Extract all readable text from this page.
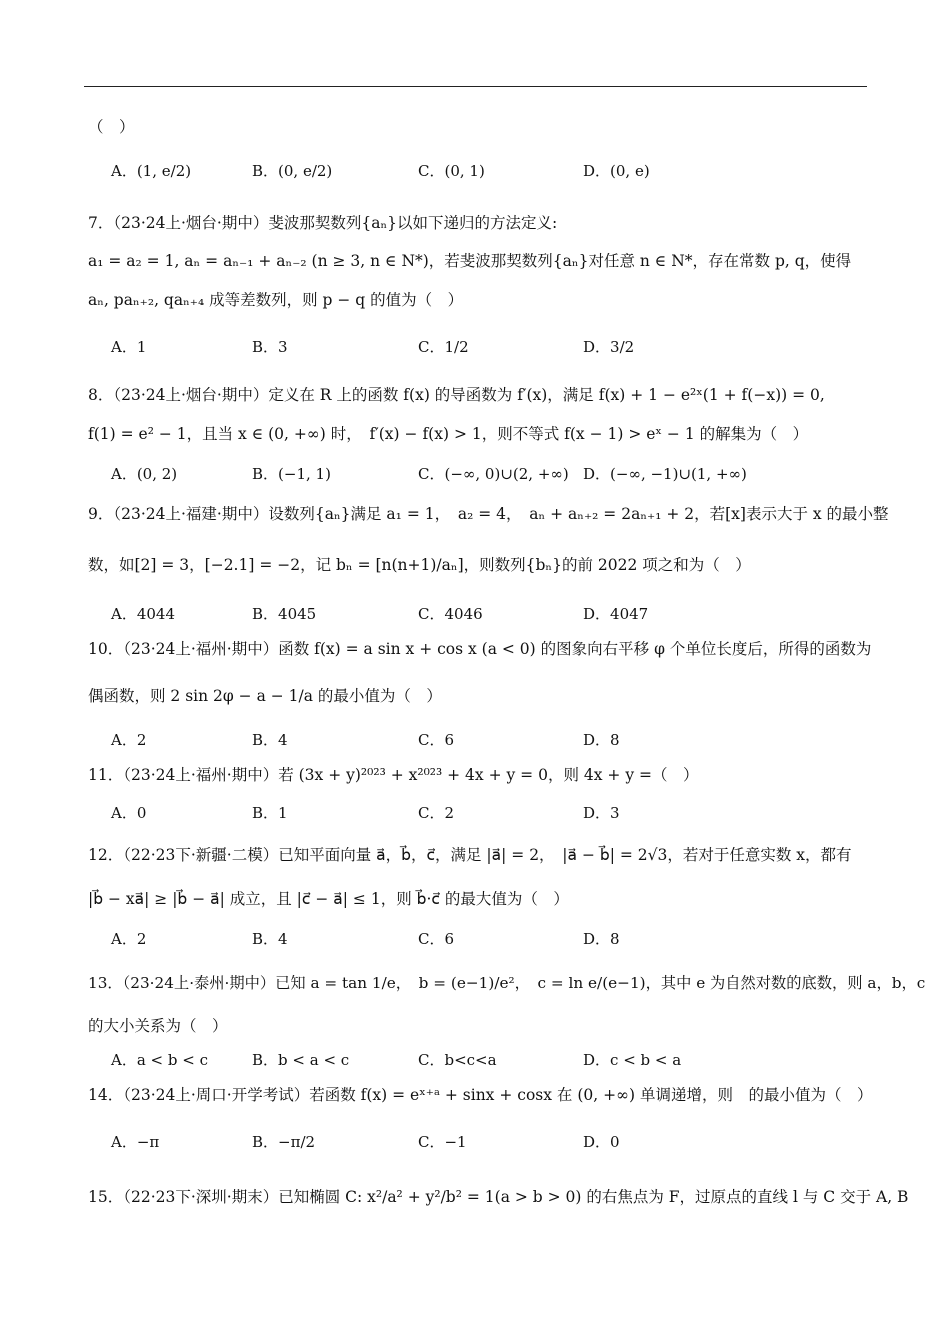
（　）
A．(1, e/2)	B．(0, e/2)	C．(0, 1)	D．(0, e)
7．（23·24上·烟台·期中）斐波那契数列{aₙ}以如下递归的方法定义:
a₁ = a₂ = 1, aₙ = aₙ₋₁ + aₙ₋₂ (n ≥ 3, n ∈ N*)，若斐波那契数列{aₙ}对任意 n ∈ N*，存在常数 p, q，使得
aₙ, paₙ₊₂, qaₙ₊₄ 成等差数列，则 p − q 的值为（　）
A．1	B．3	C．1/2	D．3/2
8．（23·24上·烟台·期中）定义在 R 上的函数 f(x) 的导函数为 f′(x)，满足 f(x) + 1 − e²ˣ(1 + f(−x)) = 0,
f(1) = e² − 1，且当 x ∈ (0, +∞) 时，　f′(x) − f(x) > 1，则不等式 f(x − 1) > eˣ − 1 的解集为（　）
A．(0, 2)	B．(−1, 1)	C．(−∞, 0)∪(2, +∞) D．(−∞, −1)∪(1, +∞)
9．（23·24上·福建·期中）设数列{aₙ}满足 a₁ = 1，　a₂ = 4，　aₙ + aₙ₊₂ = 2aₙ₊₁ + 2，若[x]表示大于 x 的最小整
数，如[2] = 3，[−2.1] = −2，记 bₙ = [n(n+1)/aₙ]，则数列{bₙ}的前 2022 项之和为（　）
A．4044	B．4045	C．4046	D．4047
10．（23·24上·福州·期中）函数 f(x) = a sin x + cos x (a < 0) 的图象向右平移 φ 个单位长度后，所得的函数为
偶函数，则 2 sin 2φ − a − 1/a 的最小值为（　）
A．2	B．4	C．6	D．8
11．（23·24上·福州·期中）若 (3x + y)²⁰²³ + x²⁰²³ + 4x + y = 0，则 4x + y =（　）
A．0	B．1	C．2	D．3
12．（22·23下·新疆·二模）已知平面向量 a⃗，b⃗，c⃗，满足 |a⃗| = 2，　|a⃗ − b⃗| = 2√3，若对于任意实数 x，都有
|b⃗ − xa⃗| ≥ |b⃗ − a⃗| 成立，且 |c⃗ − a⃗| ≤ 1，则 b⃗·c⃗ 的最大值为（　）
A．2	B．4	C．6	D．8
13．（23·24上·泰州·期中）已知 a = tan 1/e，　b = (e−1)/e²，　c = ln e/(e−1)，其中 e 为自然对数的底数，则 a，b，c
的大小关系为（　）
A．a < b < c	B．b < a < c	C．b<c<a	D．c < b < a
14．（23·24上·周口·开学考试）若函数 f(x) = eˣ⁺ᵃ + sinx + cosx 在 (0, +∞) 单调递增，则　的最小值为（　）
A．−π	B．−π/2	C．−1	D．0
15．（22·23下·深圳·期末）已知椭圆 C: x²/a² + y²/b² = 1(a > b > 0) 的右焦点为 F，过原点的直线 l 与 C 交于 A, B
